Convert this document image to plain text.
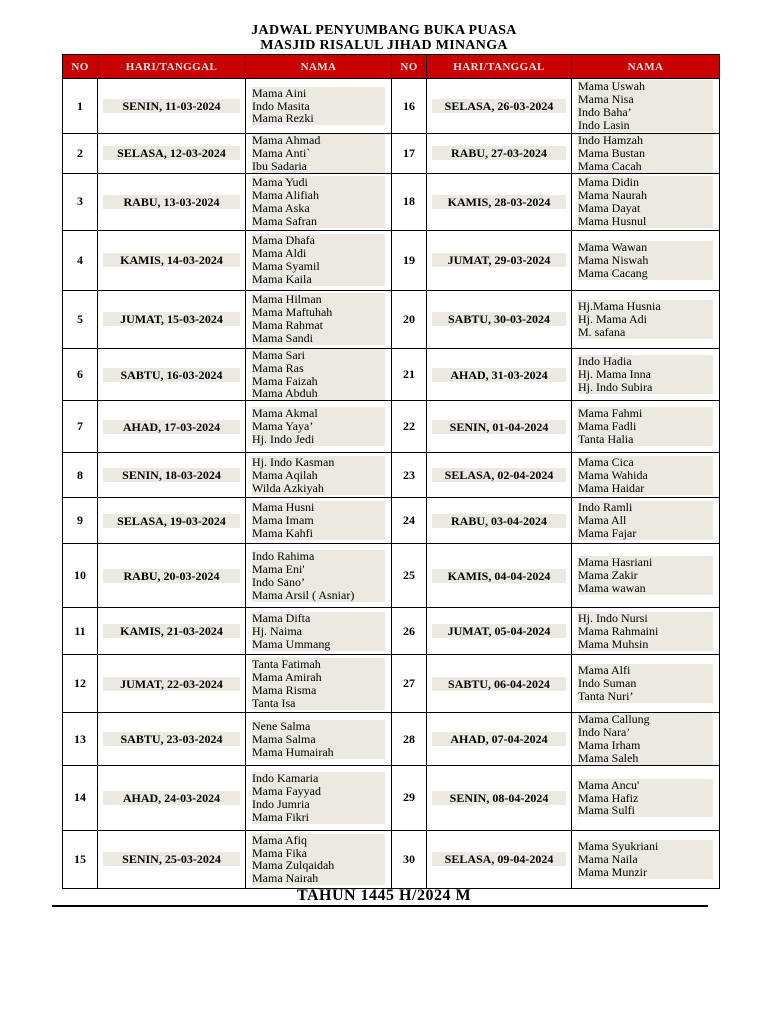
JADWAL PENYUMBANG BUKA PUASA
MASJID RISALUL JIHAD MINANGA
NO	HARI/TANGGAL	NAMA	NO	HARI/TANGGAL	NAMA
1	SENIN, 11-03-2024	Mama Aini
Indo Masita
Mama Rezki	16	SELASA, 26-03-2024	Mama Uswah
Mama Nisa
Indo Baha’
Indo Lasin

2	SELASA, 12-03-2024	Mama Ahmad
Mama Anti`
Ibu Sadaria	17	RABU, 27-03-2024	Indo Hamzah
Mama Bustan
Mama Cacah

3	RABU, 13-03-2024	Mama Yudi
Mama Alifiah
Mama Aska
Mama Safran	18	KAMIS, 28-03-2024	Mama Didin
Mama Naurah
Mama Dayat
Mama Husnul

4	KAMIS, 14-03-2024	Mama Dhafa
Mama Aldi
Mama Syamil
Mama Kaila	19	JUMAT, 29-03-2024	Mama Wawan
Mama Niswah
Mama Cacang

5	JUMAT, 15-03-2024	Mama Hilman
Mama Maftuhah
Mama Rahmat
Mama Sandi	20	SABTU, 30-03-2024	Hj.Mama Husnia
Hj. Mama Adi
M. safana

6	SABTU, 16-03-2024	Mama Sari
Mama Ras
Mama Faizah
Mama Abduh	21	AHAD, 31-03-2024	Indo Hadia
Hj. Mama Inna
Hj. Indo Subira

7	AHAD, 17-03-2024	Mama Akmal
Mama Yaya’
Hj. Indo Jedi	22	SENIN, 01-04-2024	Mama Fahmi
Mama Fadli
Tanta Halia

8	SENIN, 18-03-2024	Hj. Indo Kasman
Mama Aqilah
Wilda Azkiyah	23	SELASA, 02-04-2024	Mama Cica
Mama Wahida
Mama Haidar

9	SELASA, 19-03-2024	Mama Husni
Mama Imam
Mama Kahfi	24	RABU, 03-04-2024	Indo Ramli
Mama All
Mama Fajar

10	RABU, 20-03-2024	Indo Rahima
Mama Eni'
Indo Sano’
Mama Arsil ( Asniar)	25	KAMIS, 04-04-2024	Mama Hasriani
Mama Zakir
Mama wawan

11	KAMIS, 21-03-2024	Mama Difta
Hj. Naima
Mama Ummang	26	JUMAT, 05-04-2024	Hj. Indo Nursi
Mama Rahmaini
Mama Muhsin

12	JUMAT, 22-03-2024	Tanta Fatimah
Mama Amirah
Mama Risma
Tanta Isa	27	SABTU, 06-04-2024	Mama Alfi
Indo Suman
Tanta Nuri’

13	SABTU, 23-03-2024	Nene Salma
Mama Salma
Mama Humairah	28	AHAD, 07-04-2024	Mama Callung
Indo Nara’
Mama Irham
Mama Saleh

14	AHAD, 24-03-2024	Indo Kamaria
Mama Fayyad
Indo Jumria
Mama Fikri	29	SENIN, 08-04-2024	Mama Ancu'
Mama Hafiz
Mama Sulfi

15	SENIN, 25-03-2024	Mama Afiq
Mama Fika
Mama Zulqaidah
Mama Nairah	30	SELASA, 09-04-2024	Mama Syukriani
Mama Naila
Mama Munzir
TAHUN 1445 H/2024 M
